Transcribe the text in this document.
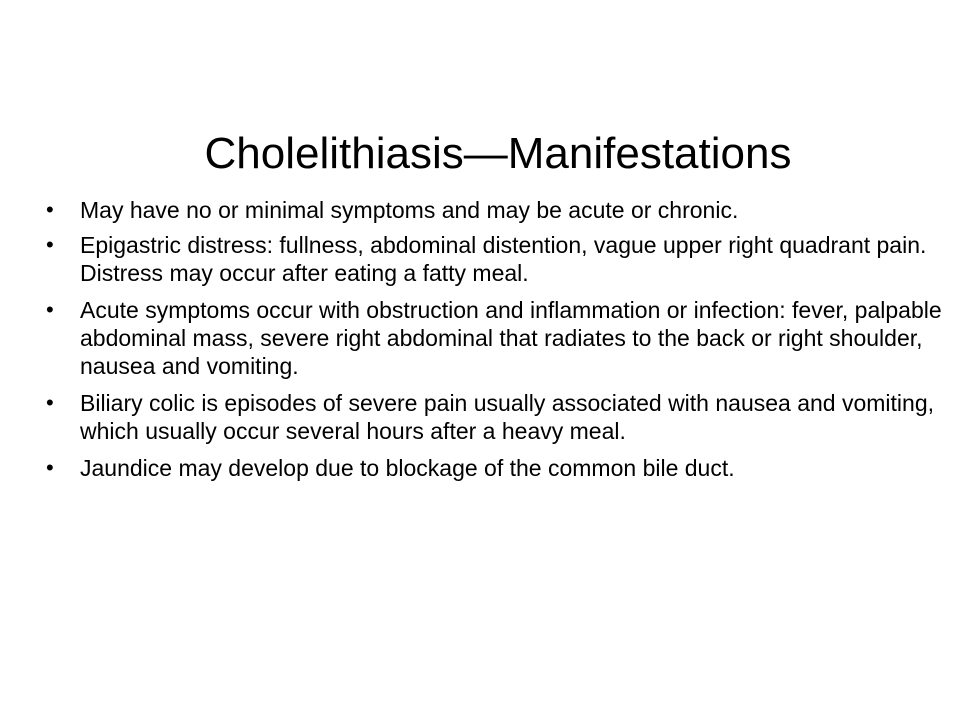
Cholelithiasis—Manifestations
• May have no or minimal symptoms and may be acute or chronic.
• Epigastric distress: fullness, abdominal distention, vague upper right quadrant pain. Distress may occur after eating a fatty meal.
• Acute symptoms occur with obstruction and inflammation or infection: fever, palpable abdominal mass, severe right abdominal that radiates to the back or right shoulder, nausea and vomiting.
• Biliary colic is episodes of severe pain usually associated with nausea and vomiting, which usually occur several hours after a heavy meal.
• Jaundice may develop due to blockage of the common bile duct.
